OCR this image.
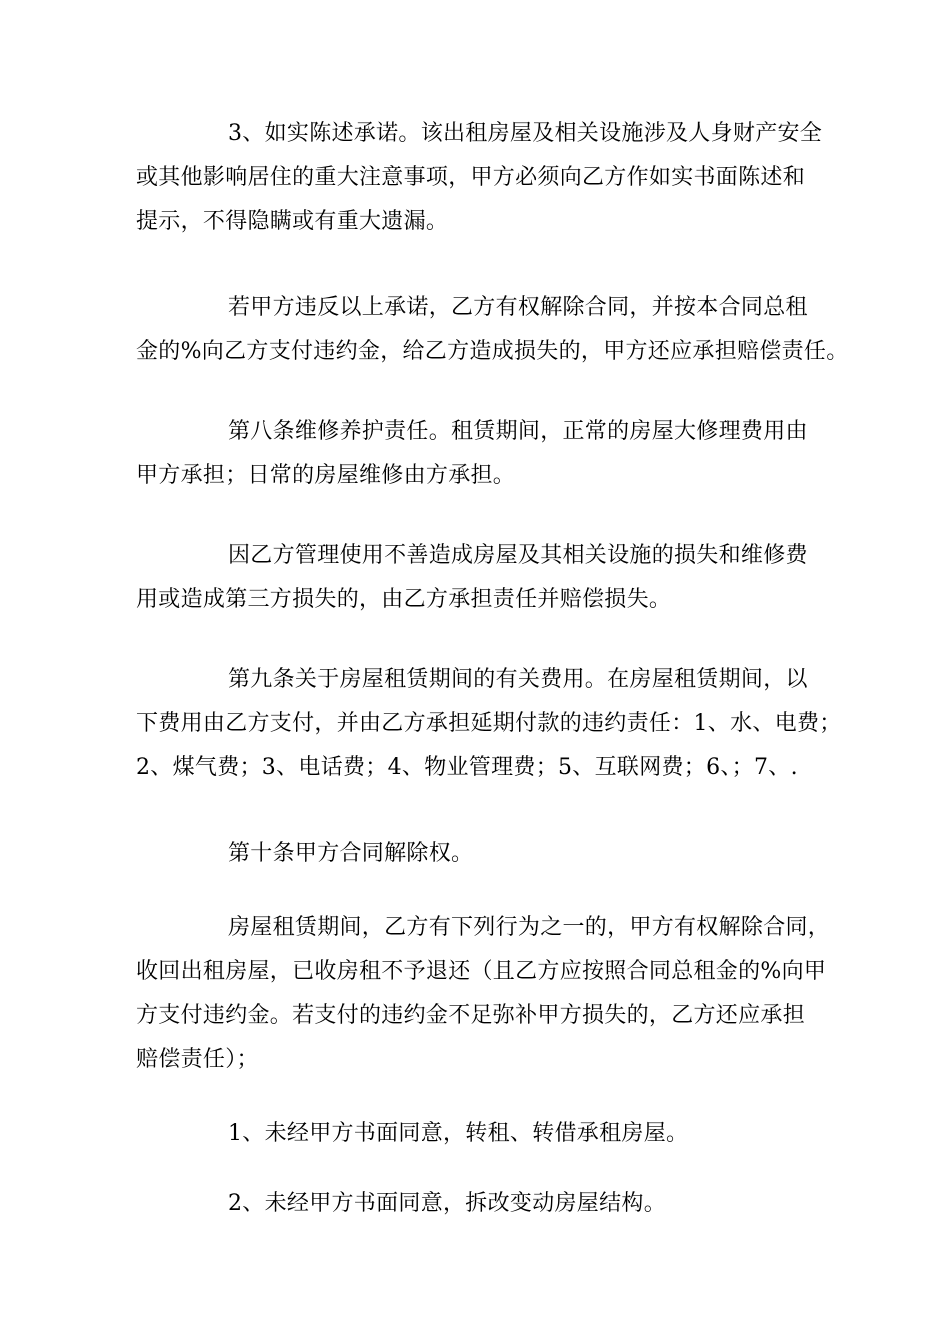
3、如实陈述承诺。该出租房屋及相关设施涉及人身财产安全
或其他影响居住的重大注意事项，甲方必须向乙方作如实书面陈述和
提示，不得隐瞒或有重大遗漏。
若甲方违反以上承诺，乙方有权解除合同，并按本合同总租
金的%向乙方支付违约金，给乙方造成损失的，甲方还应承担赔偿责任。
第八条维修养护责任。租赁期间，正常的房屋大修理费用由
甲方承担；日常的房屋维修由方承担。
因乙方管理使用不善造成房屋及其相关设施的损失和维修费
用或造成第三方损失的，由乙方承担责任并赔偿损失。
第九条关于房屋租赁期间的有关费用。在房屋租赁期间，以
下费用由乙方支付，并由乙方承担延期付款的违约责任：1、水、电费；
2、煤气费；3、电话费；4、物业管理费；5、互联网费；6、；7、.
第十条甲方合同解除权。
房屋租赁期间，乙方有下列行为之一的，甲方有权解除合同，
收回出租房屋，已收房租不予退还（且乙方应按照合同总租金的%向甲
方支付违约金。若支付的违约金不足弥补甲方损失的，乙方还应承担
赔偿责任）；
1、未经甲方书面同意，转租、转借承租房屋。
2、未经甲方书面同意，拆改变动房屋结构。
